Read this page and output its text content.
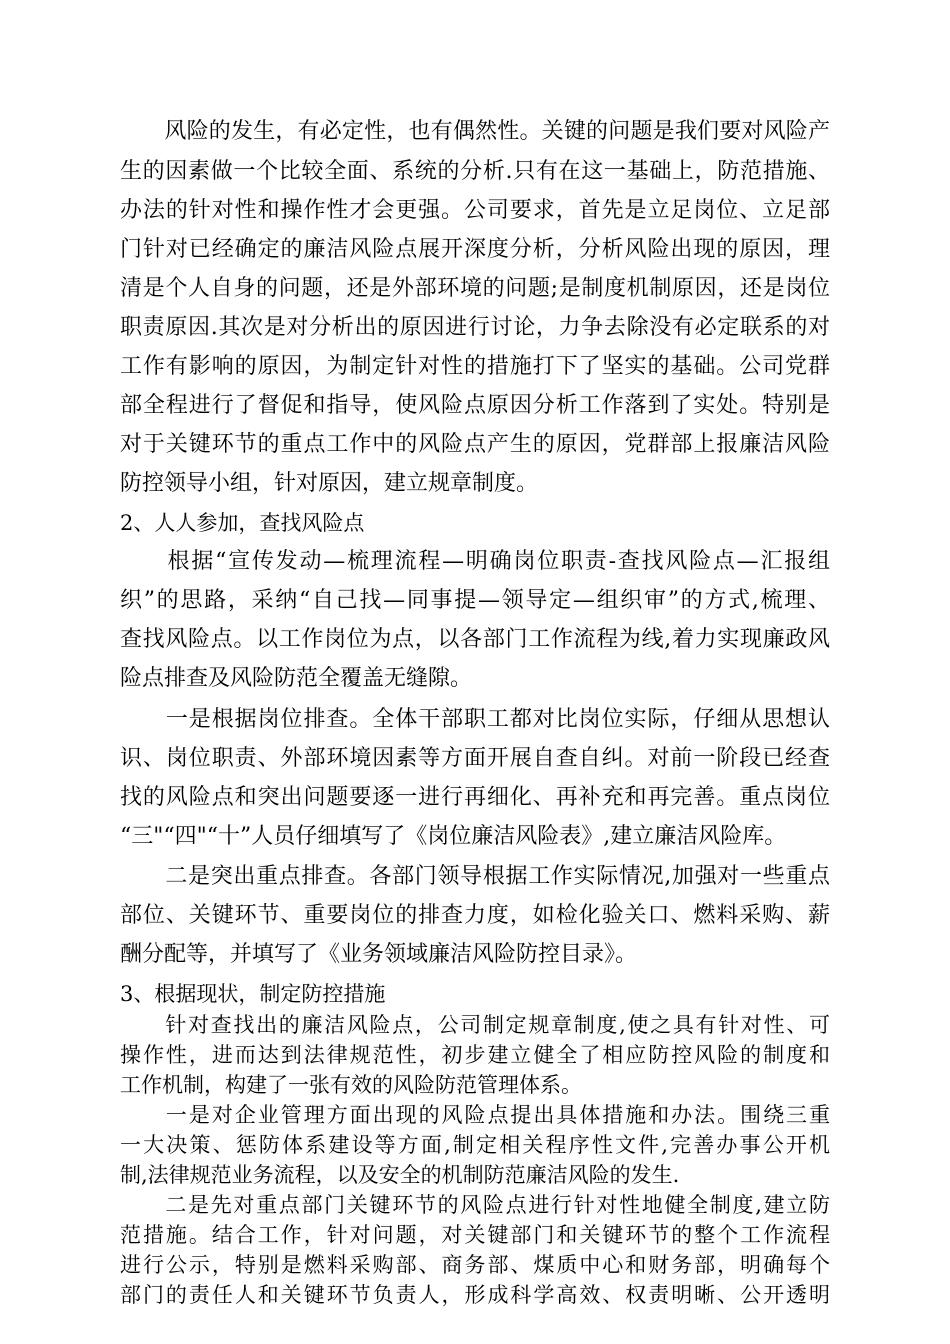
　　风险的发生，有必定性，也有偶然性。关键的问题是我们要对风险产
生的因素做一个比较全面、系统的分析.只有在这一基础上，防范措施、
办法的针对性和操作性才会更强。公司要求，首先是立足岗位、立足部
门针对已经确定的廉洁风险点展开深度分析，分析风险出现的原因，理
清是个人自身的问题，还是外部环境的问题;是制度机制原因，还是岗位
职责原因.其次是对分析出的原因进行讨论，力争去除没有必定联系的对
工作有影响的原因，为制定针对性的措施打下了坚实的基础。公司党群
部全程进行了督促和指导，使风险点原因分析工作落到了实处。特别是
对于关键环节的重点工作中的风险点产生的原因，党群部上报廉洁风险
防控领导小组，针对原因，建立规章制度。
2、人人参加，查找风险点
　　根据“宣传发动—梳理流程—明确岗位职责-查找风险点—汇报组
织”的思路，采纳“自己找—同事提—领导定—组织审”的方式,梳理、
查找风险点。以工作岗位为点，以各部门工作流程为线,着力实现廉政风
险点排查及风险防范全覆盖无缝隙。
　　一是根据岗位排查。全体干部职工都对比岗位实际，仔细从思想认
识、岗位职责、外部环境因素等方面开展自查自纠。对前一阶段已经查
找的风险点和突出问题要逐一进行再细化、再补充和再完善。重点岗位
“三"“四"“十”人员仔细填写了《岗位廉洁风险表》,建立廉洁风险库。
　　二是突出重点排查。各部门领导根据工作实际情况,加强对一些重点
部位、关键环节、重要岗位的排查力度，如检化验关口、燃料采购、薪
酬分配等，并填写了《业务领域廉洁风险防控目录》。
3、根据现状，制定防控措施
　　针对查找出的廉洁风险点，公司制定规章制度,使之具有针对性、可
操作性，进而达到法律规范性，初步建立健全了相应防控风险的制度和
工作机制，构建了一张有效的风险防范管理体系。
　　一是对企业管理方面出现的风险点提出具体措施和办法。围绕三重
一大决策、惩防体系建设等方面,制定相关程序性文件,完善办事公开机
制,法律规范业务流程，以及安全的机制防范廉洁风险的发生.
　　二是先对重点部门关键环节的风险点进行针对性地健全制度,建立防
范措施。结合工作，针对问题，对关键部门和关键环节的整个工作流程
进行公示，特别是燃料采购部、商务部、煤质中心和财务部，明确每个
部门的责任人和关键环节负责人，形成科学高效、权责明晰、公开透明
